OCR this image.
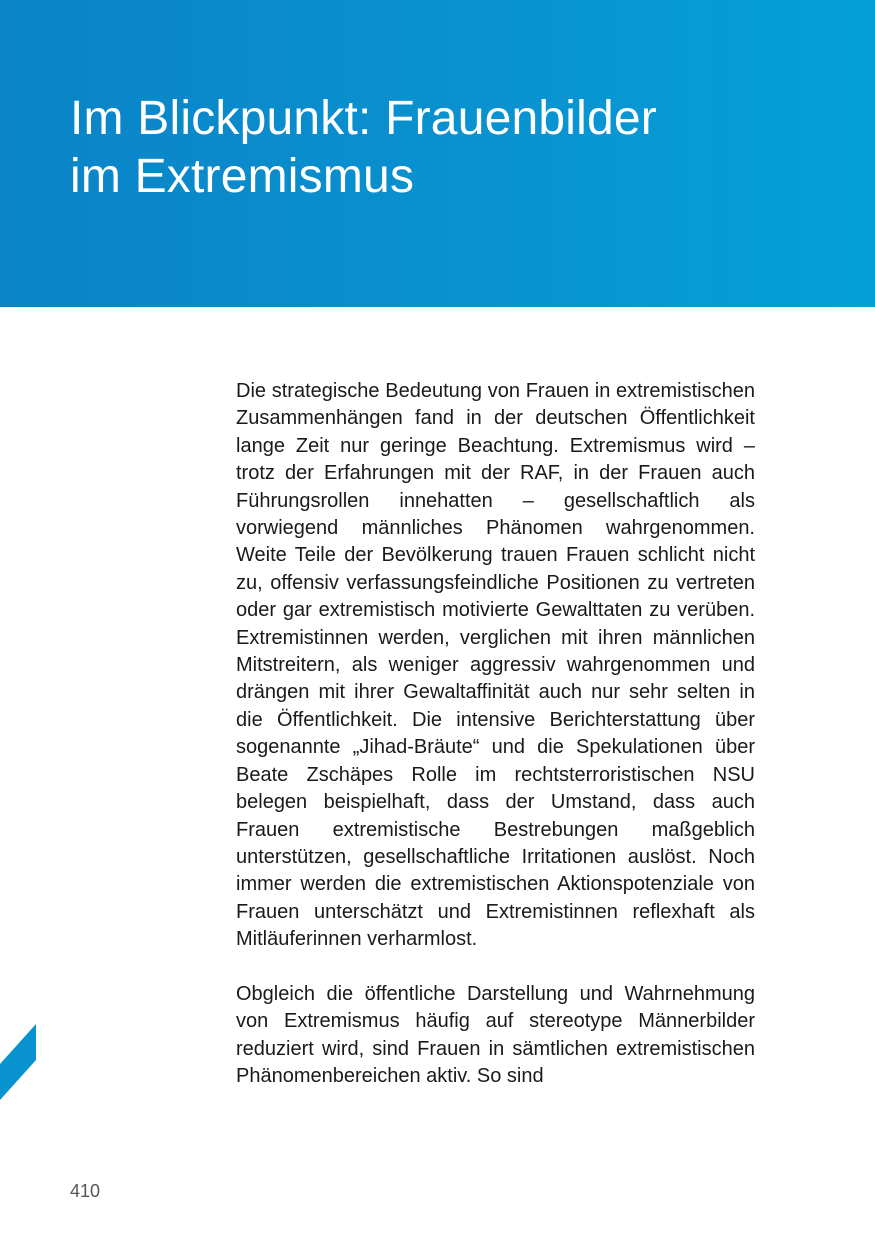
Im Blickpunkt: Frauenbilder
im Extremismus

Die strategische Bedeutung von Frauen in extremistischen Zusammenhängen fand in der deutschen Öffentlichkeit lange Zeit nur geringe Beachtung. Extremismus wird – trotz der Erfahrungen mit der RAF, in der Frauen auch Führungsrollen innehatten – gesellschaftlich als vorwiegend männliches Phänomen wahrgenommen. Weite Teile der Bevölkerung trauen Frauen schlicht nicht zu, offensiv verfassungsfeindliche Positionen zu vertreten oder gar extremistisch motivierte Gewalttaten zu verüben. Extremistinnen werden, verglichen mit ihren männlichen Mitstreitern, als weniger aggressiv wahrgenommen und drängen mit ihrer Gewaltaffinität auch nur sehr selten in die Öffentlichkeit. Die intensive Berichterstattung über sogenannte „Jihad-Bräute“ und die Spekulationen über Beate Zschäpes Rolle im rechtsterroristischen NSU belegen beispielhaft, dass der Umstand, dass auch Frauen extremistische Bestrebungen maßgeblich unterstützen, gesellschaftliche Irritationen auslöst. Noch immer werden die extremistischen Aktionspotenziale von Frauen unterschätzt und Extremistinnen reflexhaft als Mitläuferinnen verharmlost.

Obgleich die öffentliche Darstellung und Wahrnehmung von Extremismus häufig auf stereotype Männerbilder reduziert wird, sind Frauen in sämtlichen extremistischen Phänomenbereichen aktiv. So sind

410
